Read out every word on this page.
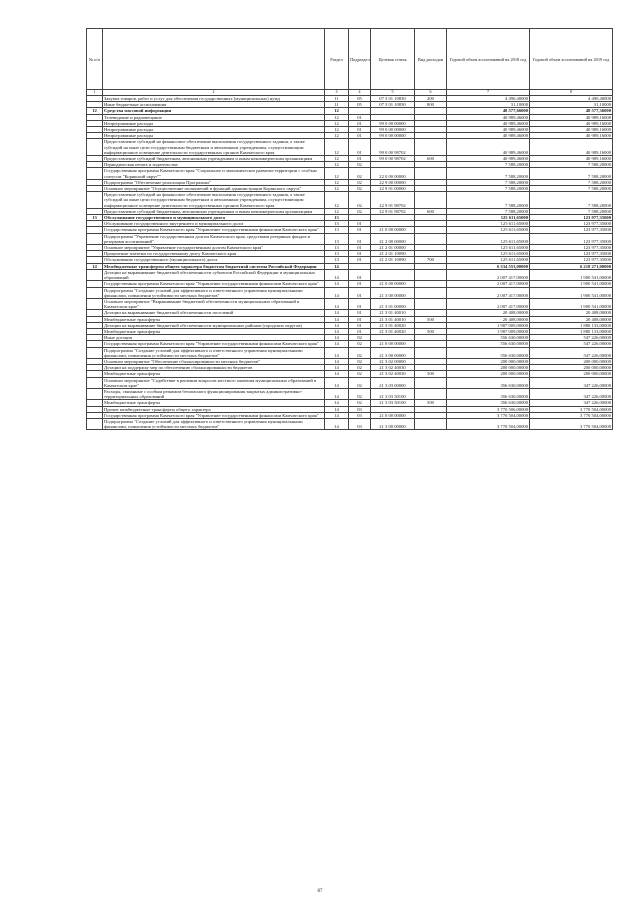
№ п/п		Раздел	Подраздел	Целевая статья	Вид расходов	Годовой объем ассигнований на 2018 год	Годовой объем ассигнований на 2019 год
1	2	3	4	5	6	7	8
	Закупка товаров, работ и услуг для обеспечения государственных (муниципальных) нужд	11	05	07 3 01 10830	200	4 490,40000	4 490,40000
	Иные бюджетные ассигнования	11	05	07 3 01 10830	800	31,10000	31,10000
12	Средства массовой информации	12				48 577,66000	48 577,36000
	Телевидение и радиовещание	12	01			40 989,46000	40 989,16000
	Непрограммные расходы	12	01	99 0 00 00000		40 989,46000	40 989,16000
	Непрограммные расходы	12	01	99 0 00 00000		40 989,46000	40 989,16000
	Непрограммные расходы	12	01	99 0 00 00000		40 989,46000	40 989,16000
	Предоставление субсидий на финансовое обеспечение выполнения государственного задания, а также субсидий на иные цели государственным бюджетным и автономным учреждениям, осуществляющим информационное освещение деятельности государственных органов Камчатского края	12	01	99 0 00 98702		40 989,46000	40 989,16000
	Предоставление субсидий бюджетным, автономным учреждениям и иным некоммерческим организациям	12	01	99 0 00 98702	600	40 989,46000	40 989,16000
	Периодическая печать и издательства	12	02			7 588,20000	7 588,20000
	Государственная программа Камчатского края "Социальное и экономическое развитие территории с особым статусом "Корякский округ""	12	02	22 0 00 00000		7 588,20000	7 588,20000
	Подпрограмма "Обеспечение реализации Программы"	12	02	22 9 00 00000		7 588,20000	7 588,20000
	Основное мероприятие "Осуществление полномочий и функций администрации Корякского округа"	12	02	22 9 01 00000		7 588,20000	7 588,20000
	Предоставление субсидий на финансовое обеспечение выполнения государственного задания, а также субсидий на иные цели государственным бюджетным и автономным учреждениям, осуществляющим информационное освещение деятельности государственных органов Камчатского края	12	02	22 9 01 98702		7 588,20000	7 588,20000
	Предоставление субсидий бюджетным, автономным учреждениям и иным некоммерческим организациям	12	02	22 9 01 98702	600	7 588,20000	7 588,20000
13	Обслуживание государственного и муниципального долга	13				125 611,65000	123 977,35000
	Обслуживание государственного внутреннего и муниципального долга	13	01			125 611,65000	123 977,35000
	Государственная программа Камчатского края "Управление государственными финансами Камчатского края"	13	01	21 0 00 00000		125 611,65000	123 977,35000
	Подпрограмма "Управление государственным долгом Камчатского края, средствами резервных фондов и резервами ассигнований"	13	01	21 2 00 00000		125 611,65000	123 977,35000
	Основное мероприятие "Управление государственным долгом Камчатского края"	13	01	21 2 01 00000		125 611,65000	123 977,35000
	Процентные платежи по государственному долгу Камчатского края	13	01	21 2 01 10090		125 611,65000	123 977,35000
	Обслуживание государственного (муниципального) долга	13	01	21 2 01 10090	700	125 611,65000	123 977,35000
14	Межбюджетные трансферты общего характера бюджетам бюджетной системы Российской Федерации	14				6 334 553,00000	6 218 271,00000
	Дотации на выравнивание бюджетной обеспеченности субъектов Российской Федерации и муниципальных образований	14	01			2 007 417,00000	1 900 541,00000
	Государственная программа Камчатского края "Управление государственными финансами Камчатского края"	14	01	21 0 00 00000		2 007 417,00000	1 900 541,00000
	Подпрограмма "Создание условий для эффективного и ответственного управления муниципальными финансами, повышения устойчивости местных бюджетов"	14	01	21 3 00 00000		2 007 417,00000	1 900 541,00000
	Основное мероприятие "Выравнивание бюджетной обеспеченности муниципальных образований в Камчатском крае"	14	01	21 3 01 00000		2 007 417,00000	1 900 541,00000
	Дотации на выравнивание бюджетной обеспеченности поселений	14	01	21 3 01 40010		20 408,00000	20 408,00000
	Межбюджетные трансферты	14	01	21 3 01 40010	500	20 408,00000	20 408,00000
	Дотации на выравнивание бюджетной обеспеченности муниципальных районов (городских округов)	14	01	21 3 01 40020		1 987 009,00000	1 880 133,00000
	Межбюджетные трансферты	14	01	21 3 01 40020	500	1 987 009,00000	1 880 133,00000
	Иные дотации	14	02			556 630,00000	547 226,00000
	Государственная программа Камчатского края "Управление государственными финансами Камчатского края"	14	02	21 0 00 00000		556 630,00000	547 226,00000
	Подпрограмма "Создание условий для эффективного и ответственного управления муниципальными финансами, повышения устойчивости местных бюджетов"	14	02	21 3 00 00000		556 630,00000	547 226,00000
	Основное мероприятие "Обеспечение сбалансированности местных бюджетов"	14	02	21 3 02 00000		200 000,00000	200 000,00000
	Дотации на поддержку мер по обеспечению сбалансированности бюджетов	14	02	21 3 02 40030		200 000,00000	200 000,00000
	Межбюджетные трансферты	14	02	21 3 02 40030	500	200 000,00000	200 000,00000
	Основное мероприятие "Содействие в решении вопросов местного значения муниципальных образований в Камчатском крае"	14	02	21 3 03 00000		356 630,00000	347 226,00000
	Расходы, связанные с особым режимом безопасного функционирования закрытых административно-территориальных образований	14	02	21 3 03 50100		356 630,00000	347 226,00000
	Межбюджетные трансферты	14	02	21 3 03 50100	500	356 630,00000	347 226,00000
	Прочие межбюджетные трансферты общего характера	14	03			3 770 506,00000	3 770 504,00000
	Государственная программа Камчатского края "Управление государственными финансами Камчатского края"	14	03	21 0 00 00000		3 770 504,00000	3 770 504,00000
	Подпрограмма "Создание условий для эффективного и ответственного управления муниципальными финансами, повышения устойчивости местных бюджетов"	14	03	21 3 00 00000		3 770 504,00000	3 770 504,00000
87
